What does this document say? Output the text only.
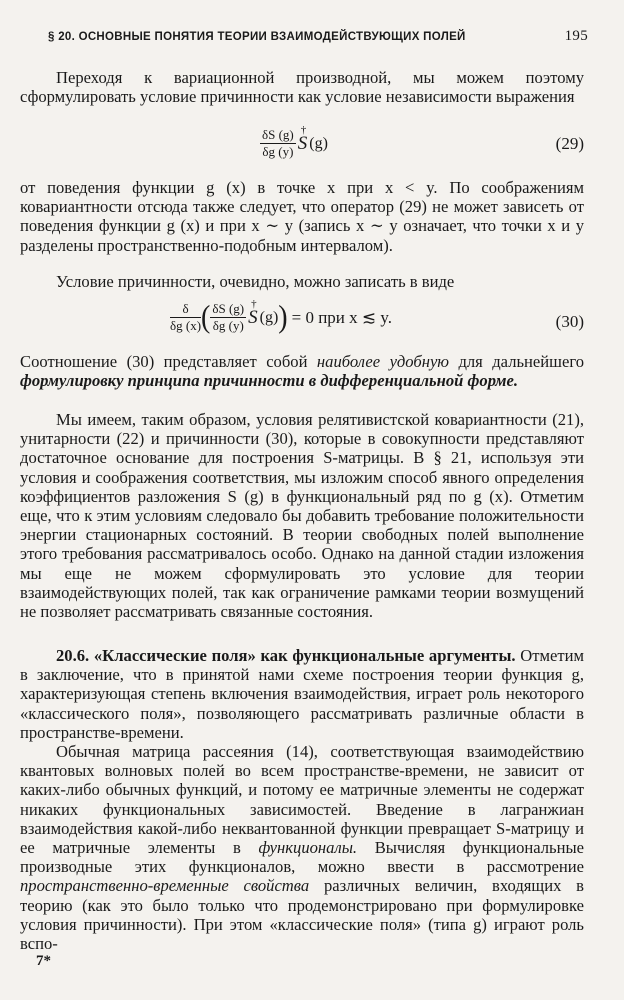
§ 20. ОСНОВНЫЕ ПОНЯТИЯ ТЕОРИИ ВЗАИМОДЕЙСТВУЮЩИХ ПОЛЕЙ	195
Переходя к вариационной производной, мы можем поэтому сформулировать условие причинности как условие независимости выражения
$\frac{\delta S (g)}{\delta g (y)}$ S
†
(g)	(29)
от поведения функции g (x) в точке x при x < y. По соображениям ковариантности отсюда также следует, что оператор (29) не может зависеть от поведения функции g (x) и при x ∼ y (запись x ∼ y означает, что точки x и y разделены пространственно-подобным интервалом).
Условие причинности, очевидно, можно записать в виде
$\frac{\delta}{\delta g (x)}$ ( $\frac{\delta S (g)}{\delta g (y)}$ S
†
(g) ) = 0 при x ≲ y.	(30)
Соотношение (30) представляет собой наиболее удобную для дальнейшего формулировку принципа причинности в дифференциальной форме.
Мы имеем, таким образом, условия релятивистской ковариантности (21), унитарности (22) и причинности (30), которые в совокупности представляют достаточное основание для построения S-матрицы. В § 21, используя эти условия и соображения соответствия, мы изложим способ явного определения коэффициентов разложения S (g) в функциональный ряд по g (x). Отметим еще, что к этим условиям следовало бы добавить требование положительности энергии стационарных состояний. В теории свободных полей выполнение этого требования рассматривалось особо. Однако на данной стадии изложения мы еще не можем сформулировать это условие для теории взаимодействующих полей, так как ограничение рамками теории возмущений не позволяет рассматривать связанные состояния.
20.6. «Классические поля» как функциональные аргументы. Отметим в заключение, что в принятой нами схеме построения теории функция g, характеризующая степень включения взаимодействия, играет роль некоторого «классического поля», позволяющего рассматривать различные области в пространстве-времени.
Обычная матрица рассеяния (14), соответствующая взаимодействию квантовых волновых полей во всем пространстве-времени, не зависит от каких-либо обычных функций, и потому ее матричные элементы не содержат никаких функциональных зависимостей. Введение в лагранжиан взаимодействия какой-либо неквантованной функции превращает S-матрицу и ее матричные элементы в функционалы. Вычисляя функциональные производные этих функционалов, можно ввести в рассмотрение пространственно-временные свойства различных величин, входящих в теорию (как это было только что продемонстрировано при формулировке условия причинности). При этом «классические поля» (типа g) играют роль вспо-
7*
